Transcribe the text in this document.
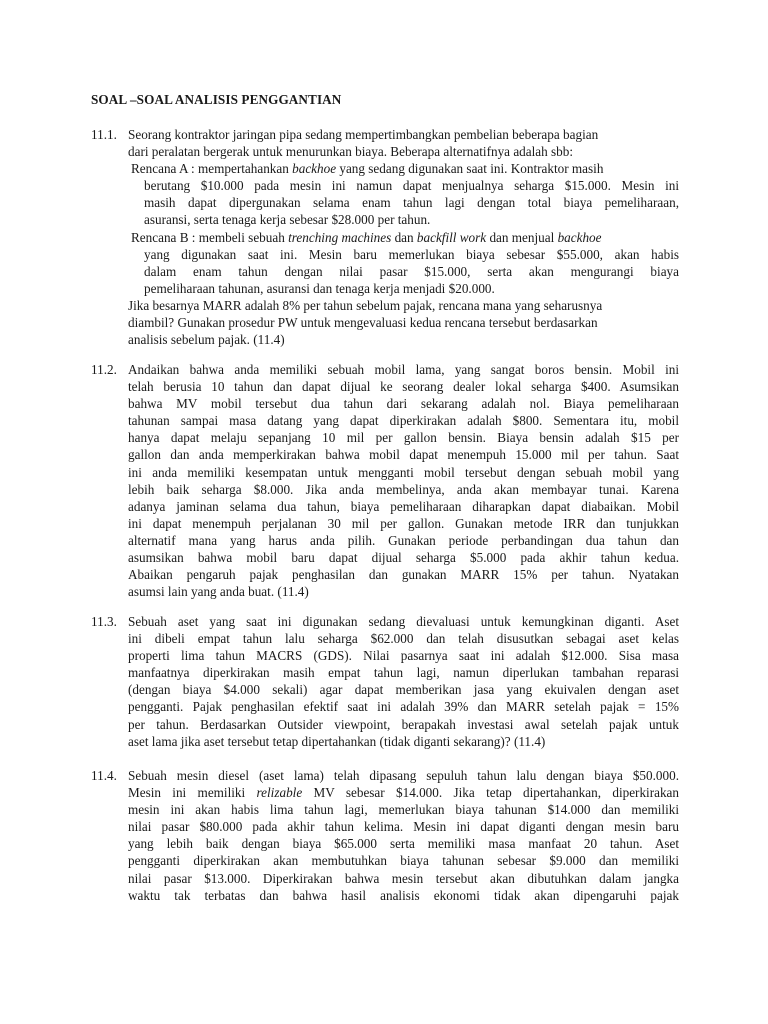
SOAL –SOAL ANALISIS PENGGANTIAN
11.1. Seorang kontraktor jaringan pipa sedang mempertimbangkan pembelian beberapa bagian
dari peralatan bergerak untuk menurunkan biaya. Beberapa alternatifnya adalah sbb:
Rencana A : mempertahankan backhoe yang sedang digunakan saat ini. Kontraktor masih
berutang $10.000 pada mesin ini namun dapat menjualnya seharga $15.000. Mesin ini
masih dapat dipergunakan selama enam tahun lagi dengan total biaya pemeliharaan,
asuransi, serta tenaga kerja sebesar $28.000 per tahun.
Rencana B : membeli sebuah trenching machines dan backfill work dan menjual backhoe
yang digunakan saat ini. Mesin baru memerlukan biaya sebesar $55.000, akan habis
dalam enam tahun dengan nilai pasar $15.000, serta akan mengurangi biaya
pemeliharaan tahunan, asuransi dan tenaga kerja menjadi $20.000.
Jika besarnya MARR adalah 8% per tahun sebelum pajak, rencana mana yang seharusnya
diambil? Gunakan prosedur PW untuk mengevaluasi kedua rencana tersebut berdasarkan
analisis sebelum pajak. (11.4)
11.2. Andaikan bahwa anda memiliki sebuah mobil lama, yang sangat boros bensin. Mobil ini
telah berusia 10 tahun dan dapat dijual ke seorang dealer lokal seharga $400. Asumsikan
bahwa MV mobil tersebut dua tahun dari sekarang adalah nol. Biaya pemeliharaan
tahunan sampai masa datang yang dapat diperkirakan adalah $800. Sementara itu, mobil
hanya dapat melaju sepanjang 10 mil per gallon bensin. Biaya bensin adalah $15 per
gallon dan anda memperkirakan bahwa mobil dapat menempuh 15.000 mil per tahun. Saat
ini anda memiliki kesempatan untuk mengganti mobil tersebut dengan sebuah mobil yang
lebih baik seharga $8.000. Jika anda membelinya, anda akan membayar tunai. Karena
adanya jaminan selama dua tahun, biaya pemeliharaan diharapkan dapat diabaikan. Mobil
ini dapat menempuh perjalanan 30 mil per gallon. Gunakan metode IRR dan tunjukkan
alternatif mana yang harus anda pilih. Gunakan periode perbandingan dua tahun dan
asumsikan bahwa mobil baru dapat dijual seharga $5.000 pada akhir tahun kedua.
Abaikan pengaruh pajak penghasilan dan gunakan MARR 15% per tahun. Nyatakan
asumsi lain yang anda buat. (11.4)
11.3. Sebuah aset yang saat ini digunakan sedang dievaluasi untuk kemungkinan diganti. Aset
ini dibeli empat tahun lalu seharga $62.000 dan telah disusutkan sebagai aset kelas
properti lima tahun MACRS (GDS). Nilai pasarnya saat ini adalah $12.000. Sisa masa
manfaatnya diperkirakan masih empat tahun lagi, namun diperlukan tambahan reparasi
(dengan biaya $4.000 sekali) agar dapat memberikan jasa yang ekuivalen dengan aset
pengganti. Pajak penghasilan efektif saat ini adalah 39% dan MARR setelah pajak = 15%
per tahun. Berdasarkan Outsider viewpoint, berapakah investasi awal setelah pajak untuk
aset lama jika aset tersebut tetap dipertahankan (tidak diganti sekarang)? (11.4)
11.4. Sebuah mesin diesel (aset lama) telah dipasang sepuluh tahun lalu dengan biaya $50.000.
Mesin ini memiliki relizable MV sebesar $14.000. Jika tetap dipertahankan, diperkirakan
mesin ini akan habis lima tahun lagi, memerlukan biaya tahunan $14.000 dan memiliki
nilai pasar $80.000 pada akhir tahun kelima. Mesin ini dapat diganti dengan mesin baru
yang lebih baik dengan biaya $65.000 serta memiliki masa manfaat 20 tahun. Aset
pengganti diperkirakan akan membutuhkan biaya tahunan sebesar $9.000 dan memiliki
nilai pasar $13.000. Diperkirakan bahwa mesin tersebut akan dibutuhkan dalam jangka
waktu tak terbatas dan bahwa hasil analisis ekonomi tidak akan dipengaruhi pajak
